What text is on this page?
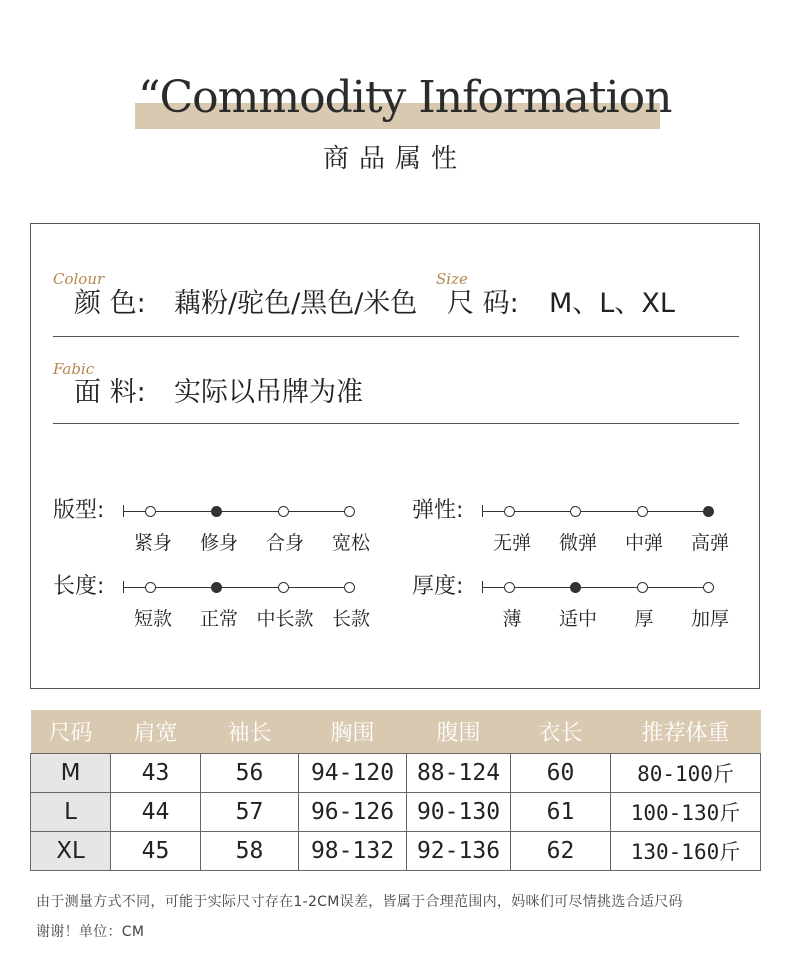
“Commodity Information
商品属性
Colour
颜 色: 藕粉/驼色/黑色/米色
Size
尺 码: M、L、XL
Fabic
面 料: 实际以吊牌为准
版型:
紧身	修身	合身	宽松
弹性:
无弹	微弹	中弹	高弹
长度:
短款	正常 中长款 长款
厚度:
薄	适中	厚	加厚
尺码	肩宽	袖长	胸围	腹围	衣长	推荐体重
M	43	56	94-120	88-124	60	80-100斤
L	44	57	96-126	90-130	61	100-130斤
XL	45	58	98-132	92-136	62	130-160斤
由于测量方式不同，可能于实际尺寸存在1-2CM误差，皆属于合理范围内，妈咪们可尽情挑选合适尺码
谢谢！单位：CM
